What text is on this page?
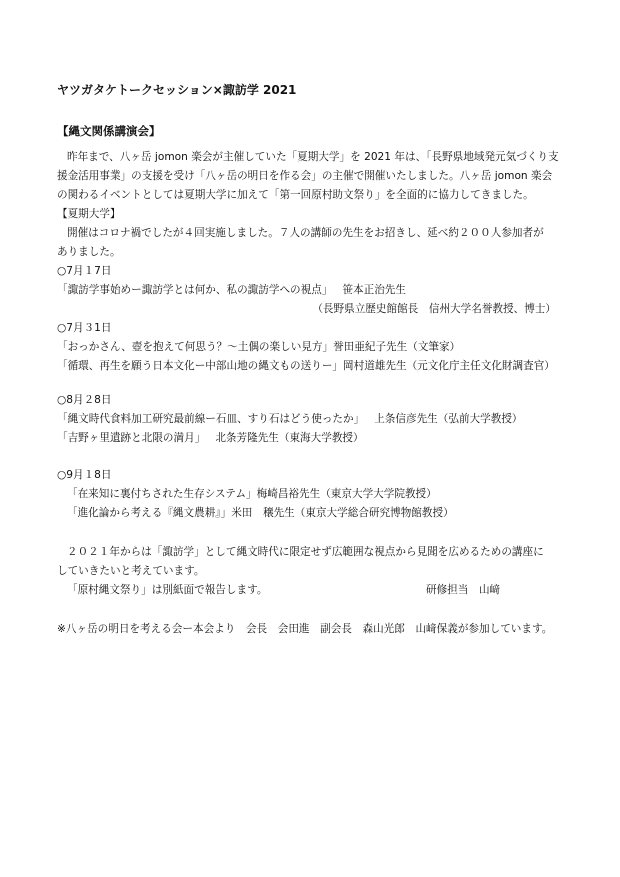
ヤツガタケトークセッション×諏訪学 2021
【縄文関係講演会】
昨年まで、八ヶ岳 jomon 楽会が主催していた「夏期大学」を 2021 年は、「長野県地域発元気づくり支
援金活用事業」の支援を受け「八ヶ岳の明日を作る会」の主催で開催いたしました。八ヶ岳 jomon 楽会
の関わるイベントとしては夏期大学に加えて「第一回原村助文祭り」を全面的に協力してきました。
【夏期大学】
開催はコロナ禍でしたが４回実施しました。７人の講師の先生をお招きし、延べ約２００人参加者が
ありました。
○7月１7日
「諏訪学事始めー諏訪学とは何か、私の諏訪学への視点」 笹本正治先生
（長野県立歴史館館長　信州大学名誉教授、博士）
○7月３1日
「おっかさん、壺を抱えて何思う？〜土偶の楽しい見方」誉田亜紀子先生（文筆家）
「循環、再生を願う日本文化ー中部山地の縄文もの送りー」岡村道雄先生（元文化庁主任文化財調査官）
○8月２8日
「縄文時代食料加工研究最前線ー石皿、すり石はどう使ったか」 上条信彦先生（弘前大学教授）
「吉野ヶ里遺跡と北限の満月」 北条芳隆先生（東海大学教授）
○9月１8日
「在来知に裏付ちされた生存システム」梅崎昌裕先生（東京大学大学院教授）
「進化論から考える『縄文農耕』」米田　穣先生（東京大学総合研究博物館教授）
２０２１年からは「諏訪学」として縄文時代に限定せず広範囲な視点から見聞を広めるための講座に
していきたいと考えています。
「原村縄文祭り」は別紙面で報告します。	研修担当　山﨑
※八ヶ岳の明日を考える会ー本会より　会長　会田進　副会長　森山光郎　山﨑保義が参加しています。
